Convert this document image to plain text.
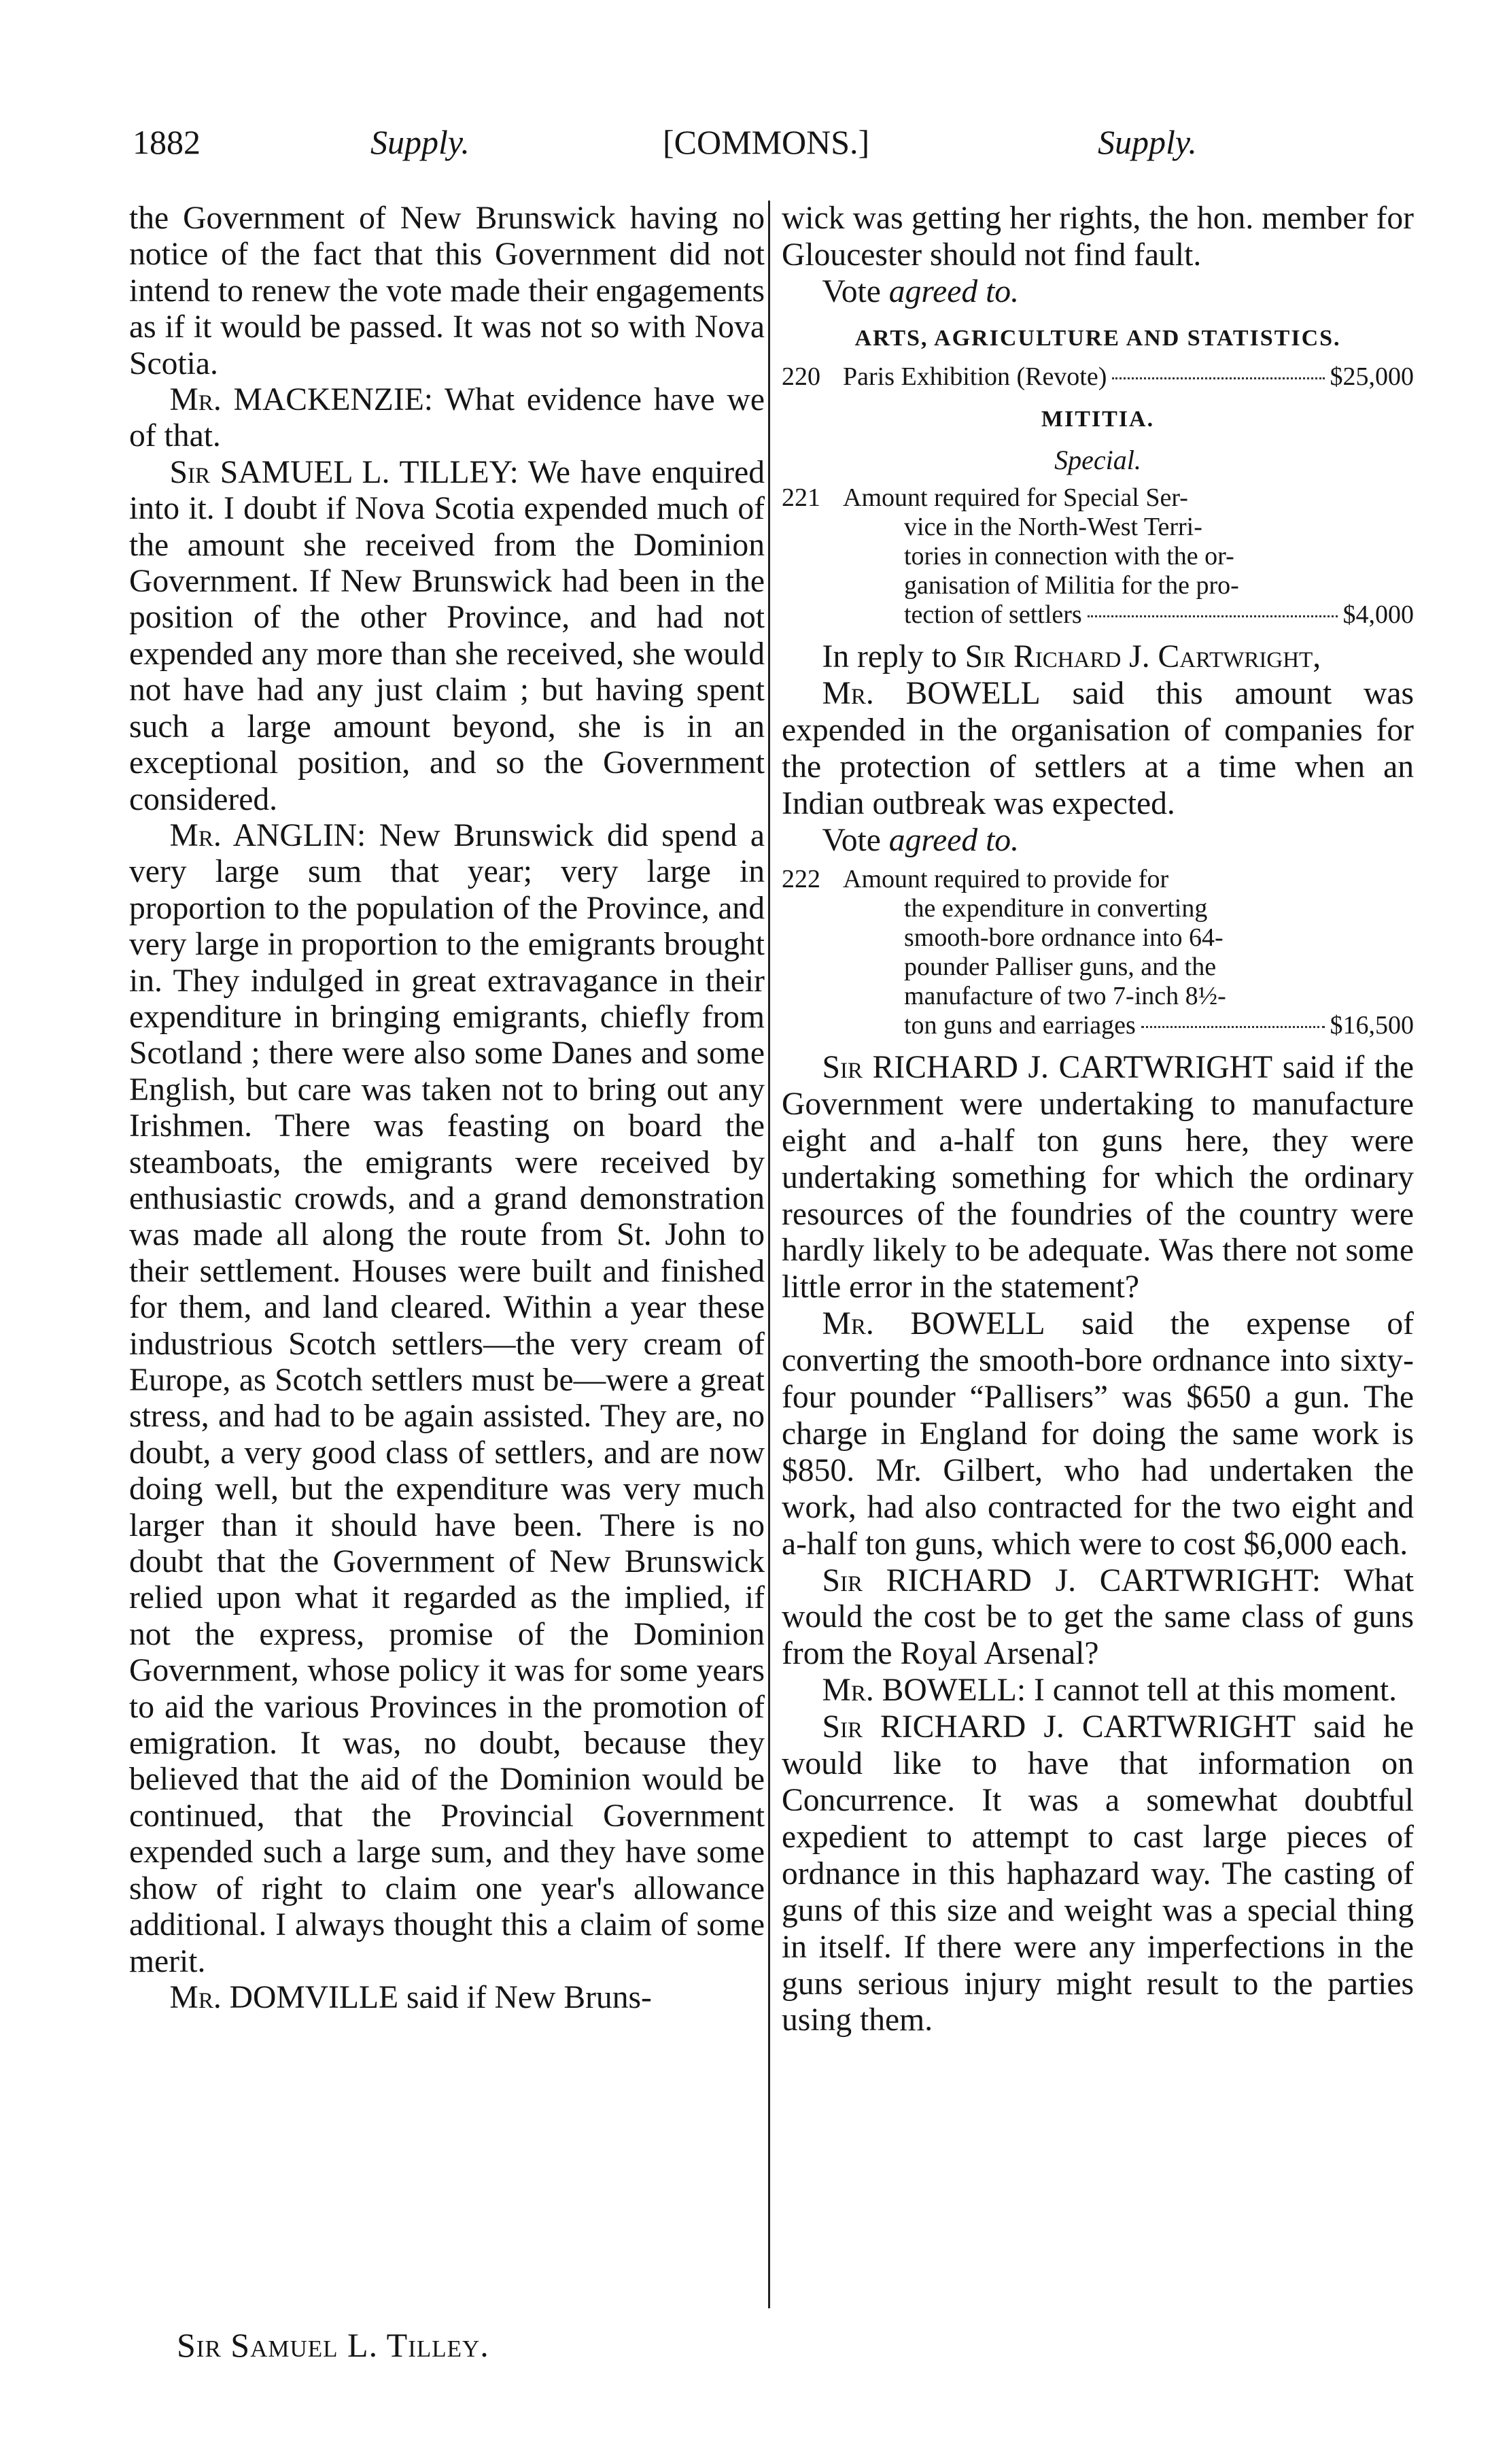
1882	Supply.	[COMMONS.]	Supply.

the Government of New Brunswick having no notice of the fact that this Government did not intend to renew the vote made their engagements as if it would be passed. It was not so with Nova Scotia.

Mr. MACKENZIE: What evidence have we of that.

Sir SAMUEL L. TILLEY: We have enquired into it. I doubt if Nova Scotia expended much of the amount she received from the Dominion Government. If New Brunswick had been in the position of the other Province, and had not expended any more than she received, she would not have had any just claim ; but having spent such a large amount beyond, she is in an exceptional position, and so the Government considered.

Mr. ANGLIN: New Brunswick did spend a very large sum that year; very large in proportion to the population of the Province, and very large in proportion to the emigrants brought in. They indulged in great extravagance in their expenditure in bringing emigrants, chiefly from Scotland ; there were also some Danes and some English, but care was taken not to bring out any Irishmen. There was feasting on board the steamboats, the emigrants were received by enthusiastic crowds, and a grand demonstration was made all along the route from St. John to their settlement. Houses were built and finished for them, and land cleared. Within a year these industrious Scotch settlers—the very cream of Europe, as Scotch settlers must be—were a great stress, and had to be again assisted. They are, no doubt, a very good class of settlers, and are now doing well, but the expenditure was very much larger than it should have been. There is no doubt that the Government of New Brunswick relied upon what it regarded as the implied, if not the express, promise of the Dominion Government, whose policy it was for some years to aid the various Provinces in the promotion of emigration. It was, no doubt, because they believed that the aid of the Dominion would be continued, that the Provincial Government expended such a large sum, and they have some show of right to claim one year's allowance additional. I always thought this a claim of some merit.

Mr. DOMVILLE said if New Bruns-

wick was getting her rights, the hon. member for Gloucester should not find fault.

Vote agreed to.

ARTS, AGRICULTURE AND STATISTICS.
220 Paris Exhibition (Revote)	$25,000
MITITIA.
Special.
221 Amount required for Special Ser-
vice in the North-West Terri-
tories in connection with the or-
ganisation of Militia for the pro-
tection of settlers	$4,000

In reply to Sir Richard J. Cartwright,

Mr. BOWELL said this amount was expended in the organisation of companies for the protection of settlers at a time when an Indian outbreak was expected.

Vote agreed to.

222 Amount required to provide for
the expenditure in converting
smooth-bore ordnance into 64-
pounder Palliser guns, and the
manufacture of two 7-inch 8½-
ton guns and earriages	$16,500

Sir RICHARD J. CARTWRIGHT said if the Government were undertaking to manufacture eight and a-half ton guns here, they were undertaking something for which the ordinary resources of the foundries of the country were hardly likely to be adequate. Was there not some little error in the statement?

Mr. BOWELL said the expense of converting the smooth-bore ordnance into sixty-four pounder “Pallisers” was $650 a gun. The charge in England for doing the same work is $850. Mr. Gilbert, who had undertaken the work, had also contracted for the two eight and a-half ton guns, which were to cost $6,000 each.

Sir RICHARD J. CARTWRIGHT: What would the cost be to get the same class of guns from the Royal Arsenal?

Mr. BOWELL: I cannot tell at this moment.

Sir RICHARD J. CARTWRIGHT said he would like to have that information on Concurrence. It was a somewhat doubtful expedient to attempt to cast large pieces of ordnance in this haphazard way. The casting of guns of this size and weight was a special thing in itself. If there were any imperfections in the guns serious injury might result to the parties using them.

Sir Samuel L. Tilley.
